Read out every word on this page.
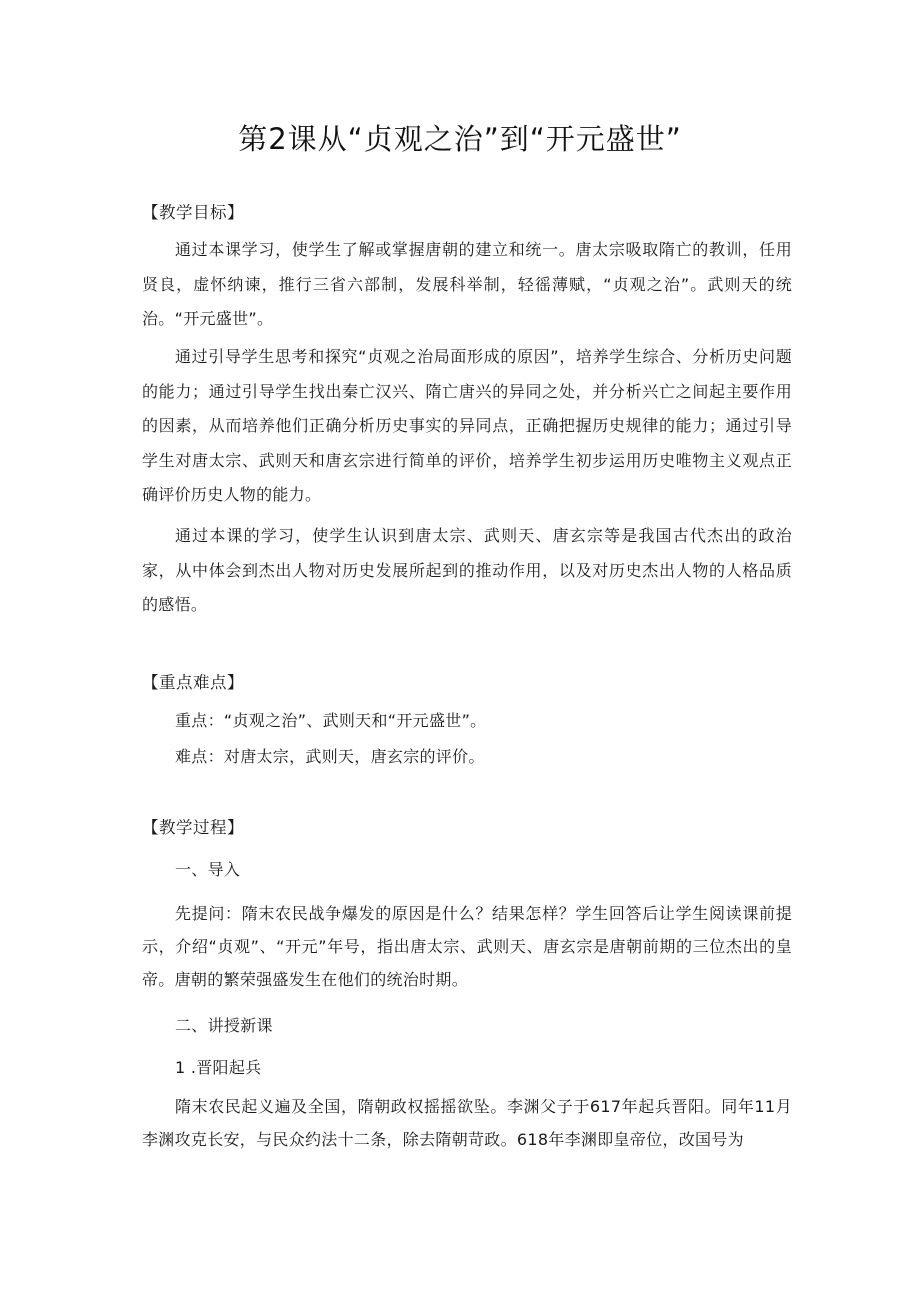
第2课从“贞观之治”到“开元盛世”

【教学目标】

通过本课学习，使学生了解或掌握唐朝的建立和统一。唐太宗吸取隋亡的教训，任用贤良，虚怀纳谏，推行三省六部制，发展科举制，轻徭薄赋，“贞观之治”。武则天的统治。“开元盛世”。

通过引导学生思考和探究“贞观之治局面形成的原因”，培养学生综合、分析历史问题的能力；通过引导学生找出秦亡汉兴、隋亡唐兴的异同之处，并分析兴亡之间起主要作用的因素，从而培养他们正确分析历史事实的异同点，正确把握历史规律的能力；通过引导学生对唐太宗、武则天和唐玄宗进行简单的评价，培养学生初步运用历史唯物主义观点正确评价历史人物的能力。

通过本课的学习，使学生认识到唐太宗、武则天、唐玄宗等是我国古代杰出的政治家，从中体会到杰出人物对历史发展所起到的推动作用，以及对历史杰出人物的人格品质的感悟。

【重点难点】

重点：“贞观之治”、武则天和“开元盛世”。

难点：对唐太宗，武则天，唐玄宗的评价。

【教学过程】

一、导入

先提问：隋末农民战争爆发的原因是什么？结果怎样？学生回答后让学生阅读课前提示，介绍“贞观”、“开元”年号，指出唐太宗、武则天、唐玄宗是唐朝前期的三位杰出的皇帝。唐朝的繁荣强盛发生在他们的统治时期。

二、讲授新课

1 .晋阳起兵

隋末农民起义遍及全国，隋朝政权摇摇欲坠。李渊父子于617年起兵晋阳。同年11月李渊攻克长安，与民众约法十二条，除去隋朝苛政。618年李渊即皇帝位，改国号为
